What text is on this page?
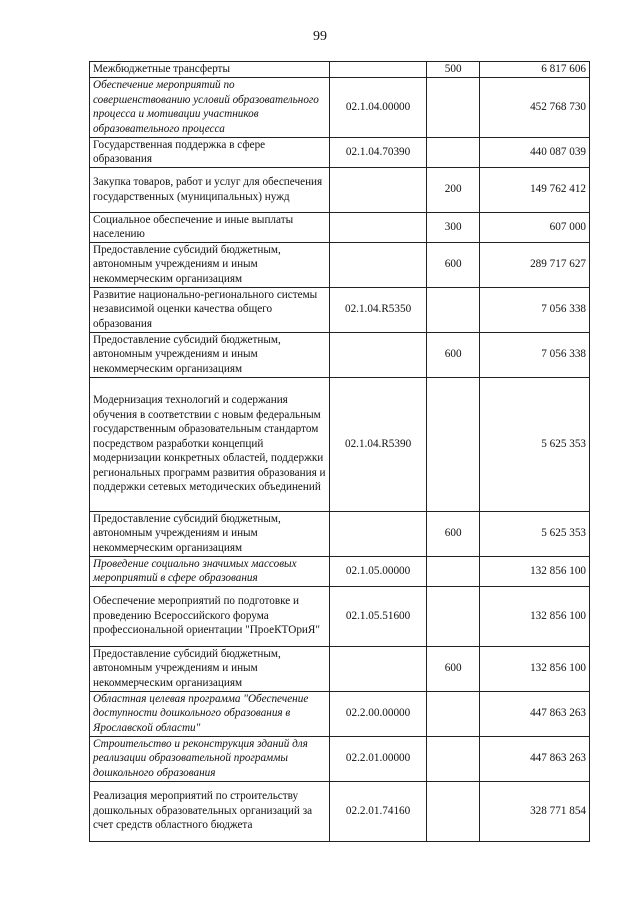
99
Межбюджетные трансферты		500	6 817 606
Обеспечение мероприятий по совершенствованию условий образовательного процесса и мотивации участников образовательного процесса	02.1.04.00000		452 768 730
Государственная поддержка в сфере образования	02.1.04.70390		440 087 039
Закупка товаров, работ и услуг для обеспечения государственных (муниципальных) нужд		200	149 762 412
Социальное обеспечение и иные выплаты населению		300	607 000
Предоставление субсидий бюджетным, автономным учреждениям и иным некоммерческим организациям		600	289 717 627
Развитие национально-регионального системы независимой оценки качества общего образования	02.1.04.R5350		7 056 338
Предоставление субсидий бюджетным, автономным учреждениям и иным некоммерческим организациям		600	7 056 338
Модернизация технологий и содержания обучения в соответствии с новым федеральным государственным образовательным стандартом посредством разработки концепций модернизации конкретных областей, поддержки региональных программ развития образования и поддержки сетевых методических объединений	02.1.04.R5390		5 625 353
Предоставление субсидий бюджетным, автономным учреждениям и иным некоммерческим организациям		600	5 625 353
Проведение социально значимых массовых мероприятий в сфере образования	02.1.05.00000		132 856 100
Обеспечение мероприятий по подготовке и проведению Всероссийского форума профессиональной ориентации "ПроеКТОриЯ"	02.1.05.51600		132 856 100
Предоставление субсидий бюджетным, автономным учреждениям и иным некоммерческим организациям		600	132 856 100
Областная целевая программа "Обеспечение доступности дошкольного образования в Ярославской области"	02.2.00.00000		447 863 263
Строительство и реконструкция зданий для реализации образовательной программы дошкольного образования	02.2.01.00000		447 863 263
Реализация мероприятий по строительству дошкольных образовательных организаций за счет средств областного бюджета	02.2.01.74160		328 771 854
